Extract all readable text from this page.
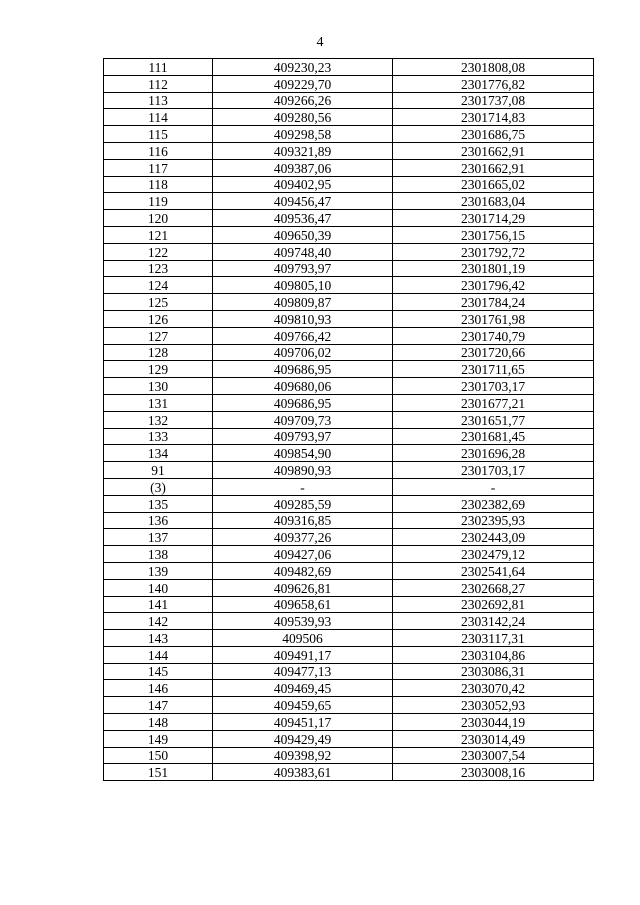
4
111	409230,23	2301808,08
112	409229,70	2301776,82
113	409266,26	2301737,08
114	409280,56	2301714,83
115	409298,58	2301686,75
116	409321,89	2301662,91
117	409387,06	2301662,91
118	409402,95	2301665,02
119	409456,47	2301683,04
120	409536,47	2301714,29
121	409650,39	2301756,15
122	409748,40	2301792,72
123	409793,97	2301801,19
124	409805,10	2301796,42
125	409809,87	2301784,24
126	409810,93	2301761,98
127	409766,42	2301740,79
128	409706,02	2301720,66
129	409686,95	2301711,65
130	409680,06	2301703,17
131	409686,95	2301677,21
132	409709,73	2301651,77
133	409793,97	2301681,45
134	409854,90	2301696,28
91	409890,93	2301703,17
(3)	-	-
135	409285,59	2302382,69
136	409316,85	2302395,93
137	409377,26	2302443,09
138	409427,06	2302479,12
139	409482,69	2302541,64
140	409626,81	2302668,27
141	409658,61	2302692,81
142	409539,93	2303142,24
143	409506	2303117,31
144	409491,17	2303104,86
145	409477,13	2303086,31
146	409469,45	2303070,42
147	409459,65	2303052,93
148	409451,17	2303044,19
149	409429,49	2303014,49
150	409398,92	2303007,54
151	409383,61	2303008,16
